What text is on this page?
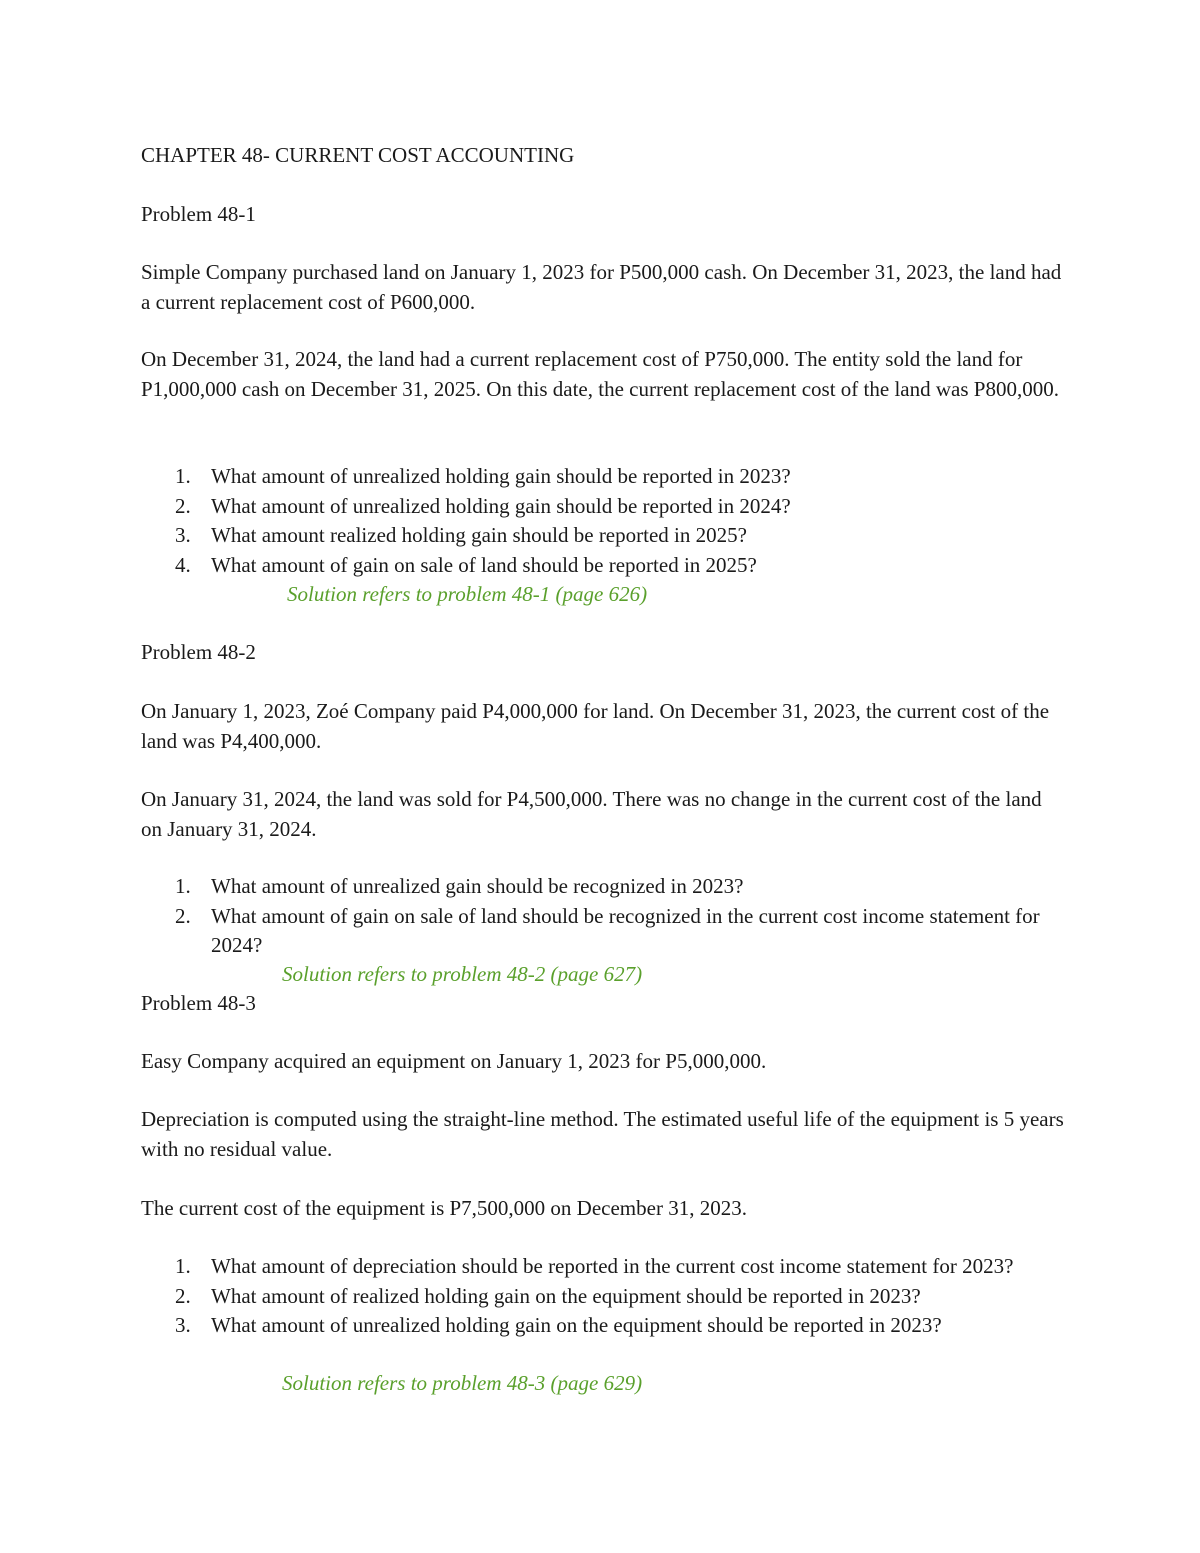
CHAPTER 48- CURRENT COST ACCOUNTING
Problem 48-1

Simple Company purchased land on January 1, 2023 for P500,000 cash. On December 31, 2023, the land had a current replacement cost of P600,000.

On December 31, 2024, the land had a current replacement cost of P750,000. The entity sold the land for P1,000,000 cash on December 31, 2025. On this date, the current replacement cost of the land was P800,000.

1. What amount of unrealized holding gain should be reported in 2023?
2. What amount of unrealized holding gain should be reported in 2024?
3. What amount realized holding gain should be reported in 2025?
4. What amount of gain on sale of land should be reported in 2025?
Solution refers to problem 48-1 (page 626)
Problem 48-2

On January 1, 2023, Zoé Company paid P4,000,000 for land. On December 31, 2023, the current cost of the land was P4,400,000.

On January 31, 2024, the land was sold for P4,500,000. There was no change in the current cost of the land on January 31, 2024.

1. What amount of unrealized gain should be recognized in 2023?
2. What amount of gain on sale of land should be recognized in the current cost income statement for 2024?
Solution refers to problem 48-2 (page 627)
Problem 48-3

Easy Company acquired an equipment on January 1, 2023 for P5,000,000.

Depreciation is computed using the straight-line method. The estimated useful life of the equipment is 5 years with no residual value.

The current cost of the equipment is P7,500,000 on December 31, 2023.

1. What amount of depreciation should be reported in the current cost income statement for 2023?
2. What amount of realized holding gain on the equipment should be reported in 2023?
3. What amount of unrealized holding gain on the equipment should be reported in 2023?
Solution refers to problem 48-3 (page 629)
